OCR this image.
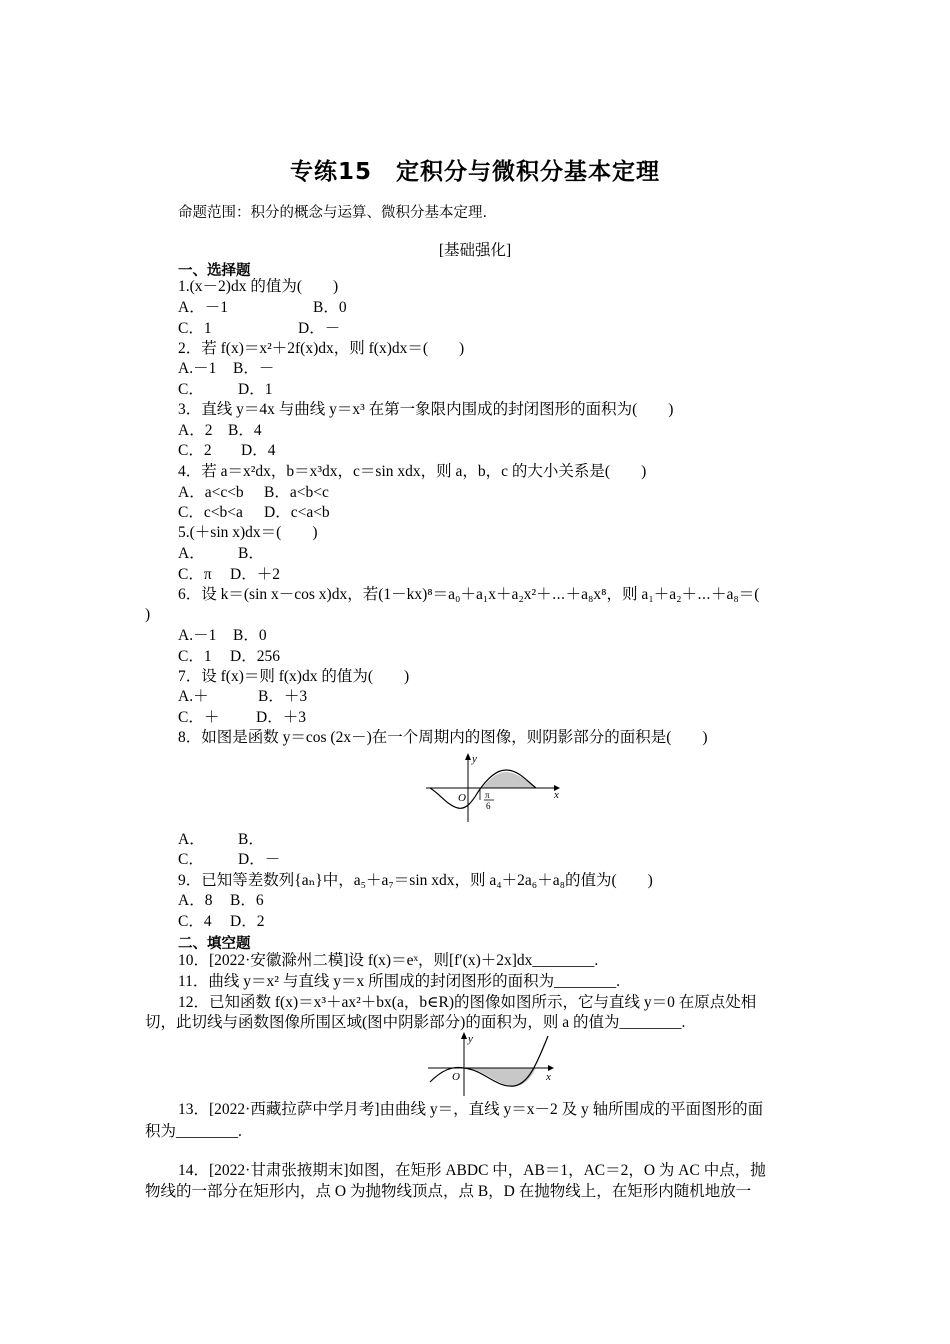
专练15　定积分与微积分基本定理
命题范围：积分的概念与运算、微积分基本定理.
[基础强化]
一、选择题
1.(x－2)dx 的值为(　　)
A．－1	B．0
C．1	D．－
2．若 f(x)＝x²＋2f(x)dx，则 f(x)dx＝(　　)
A.－1 B．－
C． D．1
3．直线 y＝4x 与曲线 y＝x³ 在第一象限内围成的封闭图形的面积为(　　)
A．2 B．4
C．2 D．4
4．若 a＝x²dx，b＝x³dx，c＝sin xdx，则 a，b，c 的大小关系是(　　)
A．a<c<b B．a<b<c
C．c<b<a D．c<a<b
5.(＋sin x)dx＝(　　)
A． B．
C．π D．＋2
6．设 k＝(sin x－cos x)dx，若(1－kx)⁸＝a₀＋a₁x＋a₂x²＋⋯＋a₈x⁸，则 a₁＋a₂＋⋯＋a₈＝(
)
A.－1 B．0
C．1 D．256
7．设 f(x)＝则 f(x)dx 的值为(　　)
A.＋	B．＋3
C．＋ D．＋3
8．如图是函数 y＝cos (2x－)在一个周期内的图像，则阴影部分的面积是(　　)
y
O	x
π
6
A． B．
C． D．－
9．已知等差数列{aₙ}中，a₅＋a₇＝sin xdx，则 a₄＋2a₆＋a₈的值为(　　)
A．8 B．6
C．4 D．2
二、填空题
10．[2022·安徽滁州二模]设 f(x)＝eˣ，则[f′(x)＋2x]dx________.
11．曲线 y＝x² 与直线 y＝x 所围成的封闭图形的面积为________.
12．已知函数 f(x)＝x³＋ax²＋bx(a，b∈R)的图像如图所示，它与直线 y＝0 在原点处相
切，此切线与函数图像所围区域(图中阴影部分)的面积为，则 a 的值为________.
y
O	x
13．[2022·西藏拉萨中学月考]由曲线 y＝，直线 y＝x－2 及 y 轴所围成的平面图形的面
积为________.
14．[2022·甘肃张掖期末]如图，在矩形 ABDC 中，AB＝1，AC＝2，O 为 AC 中点，抛
物线的一部分在矩形内，点 O 为抛物线顶点，点 B，D 在抛物线上，在矩形内随机地放一
